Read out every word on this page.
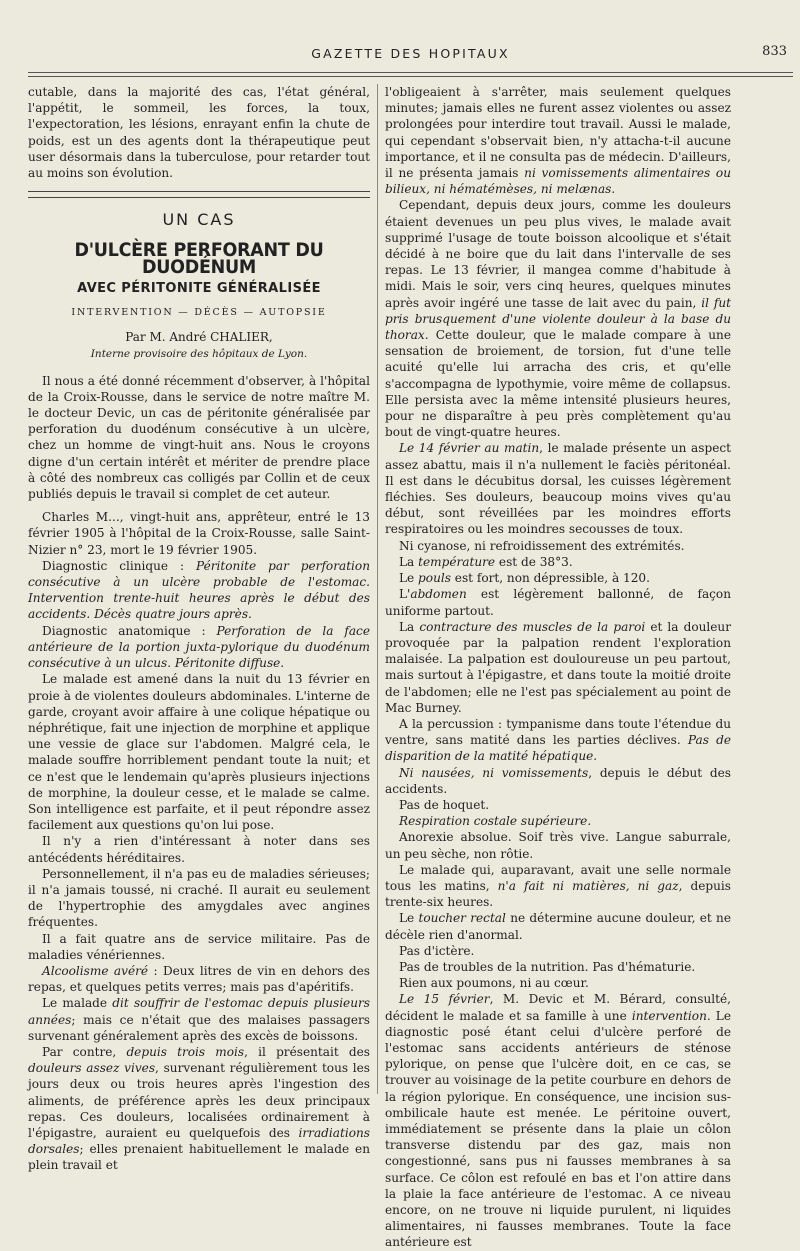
GAZETTE DES HOPITAUX	833

cutable, dans la majorité des cas, l'état général, l'appétit, le sommeil, les forces, la toux, l'expectoration, les lésions, enrayant enfin la chute de poids, est un des agents dont la thérapeutique peut user désormais dans la tuberculose, pour retarder tout au moins son évolution.

UN CAS
D'ULCÈRE PERFORANT DU DUODÉNUM
AVEC PÉRITONITE GÉNÉRALISÉE
INTERVENTION — DÉCÈS — AUTOPSIE
Par M. André CHALIER,
Interne provisoire des hôpitaux de Lyon.

Il nous a été donné récemment d'observer, à l'hôpital de la Croix-Rousse, dans le service de notre maître M. le docteur Devic, un cas de péritonite généralisée par perforation du duodénum consécutive à un ulcère, chez un homme de vingt-huit ans. Nous le croyons digne d'un certain intérêt et mériter de prendre place à côté des nombreux cas colligés par Collin et de ceux publiés depuis le travail si complet de cet auteur.

Charles M..., vingt-huit ans, apprêteur, entré le 13 février 1905 à l'hôpital de la Croix-Rousse, salle Saint-Nizier n° 23, mort le 19 février 1905.

Diagnostic clinique : Péritonite par perforation consécutive à un ulcère probable de l'estomac. Intervention trente-huit heures après le début des accidents. Décès quatre jours après.

Diagnostic anatomique : Perforation de la face antérieure de la portion juxta-pylorique du duodénum consécutive à un ulcus. Péritonite diffuse.

Le malade est amené dans la nuit du 13 février en proie à de violentes douleurs abdominales. L'interne de garde, croyant avoir affaire à une colique hépatique ou néphrétique, fait une injection de morphine et applique une vessie de glace sur l'abdomen. Malgré cela, le malade souffre horriblement pendant toute la nuit; et ce n'est que le lendemain qu'après plusieurs injections de morphine, la douleur cesse, et le malade se calme. Son intelligence est parfaite, et il peut répondre assez facilement aux questions qu'on lui pose.

Il n'y a rien d'intéressant à noter dans ses antécédents héréditaires.

Personnellement, il n'a pas eu de maladies sérieuses; il n'a jamais toussé, ni craché. Il aurait eu seulement de l'hypertrophie des amygdales avec angines fréquentes.

Il a fait quatre ans de service militaire. Pas de maladies vénériennes.

Alcoolisme avéré : Deux litres de vin en dehors des repas, et quelques petits verres; mais pas d'apéritifs.

Le malade dit souffrir de l'estomac depuis plusieurs années; mais ce n'était que des malaises passagers survenant généralement après des excès de boissons.

Par contre, depuis trois mois, il présentait des douleurs assez vives, survenant régulièrement tous les jours deux ou trois heures après l'ingestion des aliments, de préférence après les deux principaux repas. Ces douleurs, localisées ordinairement à l'épigastre, auraient eu quelquefois des irradiations dorsales; elles prenaient habituellement le malade en plein travail et

l'obligeaient à s'arrêter, mais seulement quelques minutes; jamais elles ne furent assez violentes ou assez prolongées pour interdire tout travail. Aussi le malade, qui cependant s'observait bien, n'y attacha-t-il aucune importance, et il ne consulta pas de médecin. D'ailleurs, il ne présenta jamais ni vomissements alimentaires ou bilieux, ni hématémèses, ni melænas.

Cependant, depuis deux jours, comme les douleurs étaient devenues un peu plus vives, le malade avait supprimé l'usage de toute boisson alcoolique et s'était décidé à ne boire que du lait dans l'intervalle de ses repas. Le 13 février, il mangea comme d'habitude à midi. Mais le soir, vers cinq heures, quelques minutes après avoir ingéré une tasse de lait avec du pain, il fut pris brusquement d'une violente douleur à la base du thorax. Cette douleur, que le malade compare à une sensation de broiement, de torsion, fut d'une telle acuité qu'elle lui arracha des cris, et qu'elle s'accompagna de lypothymie, voire même de collapsus. Elle persista avec la même intensité plusieurs heures, pour ne disparaître à peu près complètement qu'au bout de vingt-quatre heures.

Le 14 février au matin, le malade présente un aspect assez abattu, mais il n'a nullement le faciès péritonéal. Il est dans le décubitus dorsal, les cuisses légèrement fléchies. Ses douleurs, beaucoup moins vives qu'au début, sont réveillées par les moindres efforts respiratoires ou les moindres secousses de toux.

Ni cyanose, ni refroidissement des extrémités.

La température est de 38°3.

Le pouls est fort, non dépressible, à 120.

L'abdomen est légèrement ballonné, de façon uniforme partout.

La contracture des muscles de la paroi et la douleur provoquée par la palpation rendent l'exploration malaisée. La palpation est douloureuse un peu partout, mais surtout à l'épigastre, et dans toute la moitié droite de l'abdomen; elle ne l'est pas spécialement au point de Mac Burney.

A la percussion : tympanisme dans toute l'étendue du ventre, sans matité dans les parties déclives. Pas de disparition de la matité hépatique.

Ni nausées, ni vomissements, depuis le début des accidents.

Pas de hoquet.

Respiration costale supérieure.

Anorexie absolue. Soif très vive. Langue saburrale, un peu sèche, non rôtie.

Le malade qui, auparavant, avait une selle normale tous les matins, n'a fait ni matières, ni gaz, depuis trente-six heures.

Le toucher rectal ne détermine aucune douleur, et ne décèle rien d'anormal.

Pas d'ictère.

Pas de troubles de la nutrition. Pas d'hématurie.

Rien aux poumons, ni au cœur.

Le 15 février, M. Devic et M. Bérard, consulté, décident le malade et sa famille à une intervention. Le diagnostic posé étant celui d'ulcère perforé de l'estomac sans accidents antérieurs de sténose pylorique, on pense que l'ulcère doit, en ce cas, se trouver au voisinage de la petite courbure en dehors de la région pylorique. En conséquence, une incision sus-ombilicale haute est menée. Le péritoine ouvert, immédiatement se présente dans la plaie un côlon transverse distendu par des gaz, mais non congestionné, sans pus ni fausses membranes à sa surface. Ce côlon est refoulé en bas et l'on attire dans la plaie la face antérieure de l'estomac. A ce niveau encore, on ne trouve ni liquide purulent, ni liquides alimentaires, ni fausses membranes. Toute la face antérieure est
